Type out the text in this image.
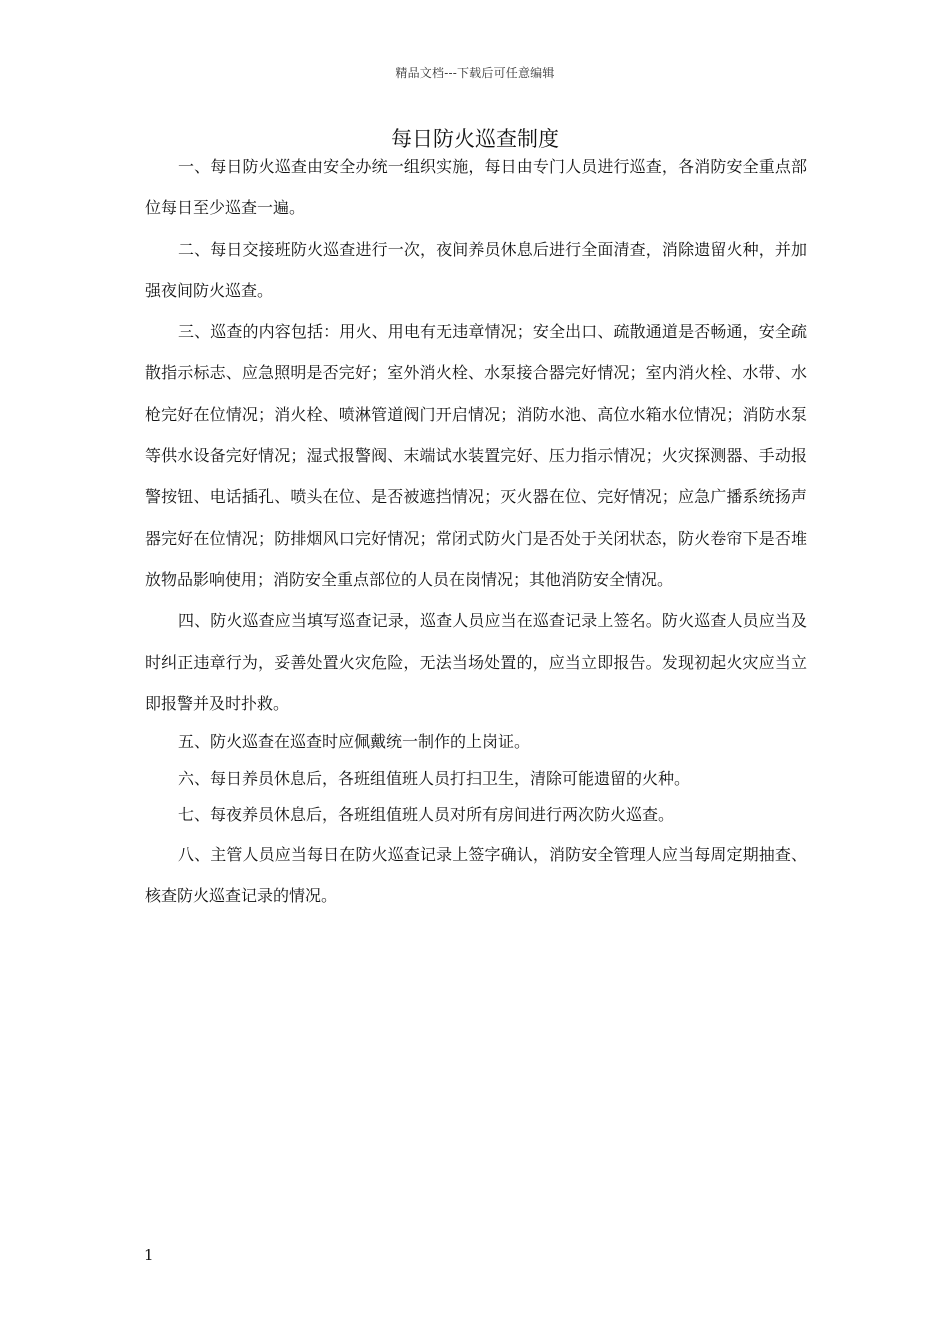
精品文档---下载后可任意编辑
每日防火巡查制度

一、每日防火巡查由安全办统一组织实施，每日由专门人员进行巡查，各消防安全重点部位每日至少巡查一遍。

二、每日交接班防火巡查进行一次，夜间养员休息后进行全面清查，消除遗留火种，并加强夜间防火巡查。

三、巡查的内容包括：用火、用电有无违章情况；安全出口、疏散通道是否畅通，安全疏散指示标志、应急照明是否完好；室外消火栓、水泵接合器完好情况；室内消火栓、水带、水枪完好在位情况；消火栓、喷淋管道阀门开启情况；消防水池、高位水箱水位情况；消防水泵等供水设备完好情况；湿式报警阀、末端试水装置完好、压力指示情况；火灾探测器、手动报警按钮、电话插孔、喷头在位、是否被遮挡情况；灭火器在位、完好情况；应急广播系统扬声器完好在位情况；防排烟风口完好情况；常闭式防火门是否处于关闭状态，防火卷帘下是否堆放物品影响使用；消防安全重点部位的人员在岗情况；其他消防安全情况。

四、防火巡查应当填写巡查记录，巡查人员应当在巡查记录上签名。防火巡查人员应当及时纠正违章行为，妥善处置火灾危险，无法当场处置的，应当立即报告。发现初起火灾应当立即报警并及时扑救。

五、防火巡查在巡查时应佩戴统一制作的上岗证。

六、每日养员休息后，各班组值班人员打扫卫生，清除可能遗留的火种。

七、每夜养员休息后，各班组值班人员对所有房间进行两次防火巡查。

八、主管人员应当每日在防火巡查记录上签字确认，消防安全管理人应当每周定期抽查、核查防火巡查记录的情况。

1
